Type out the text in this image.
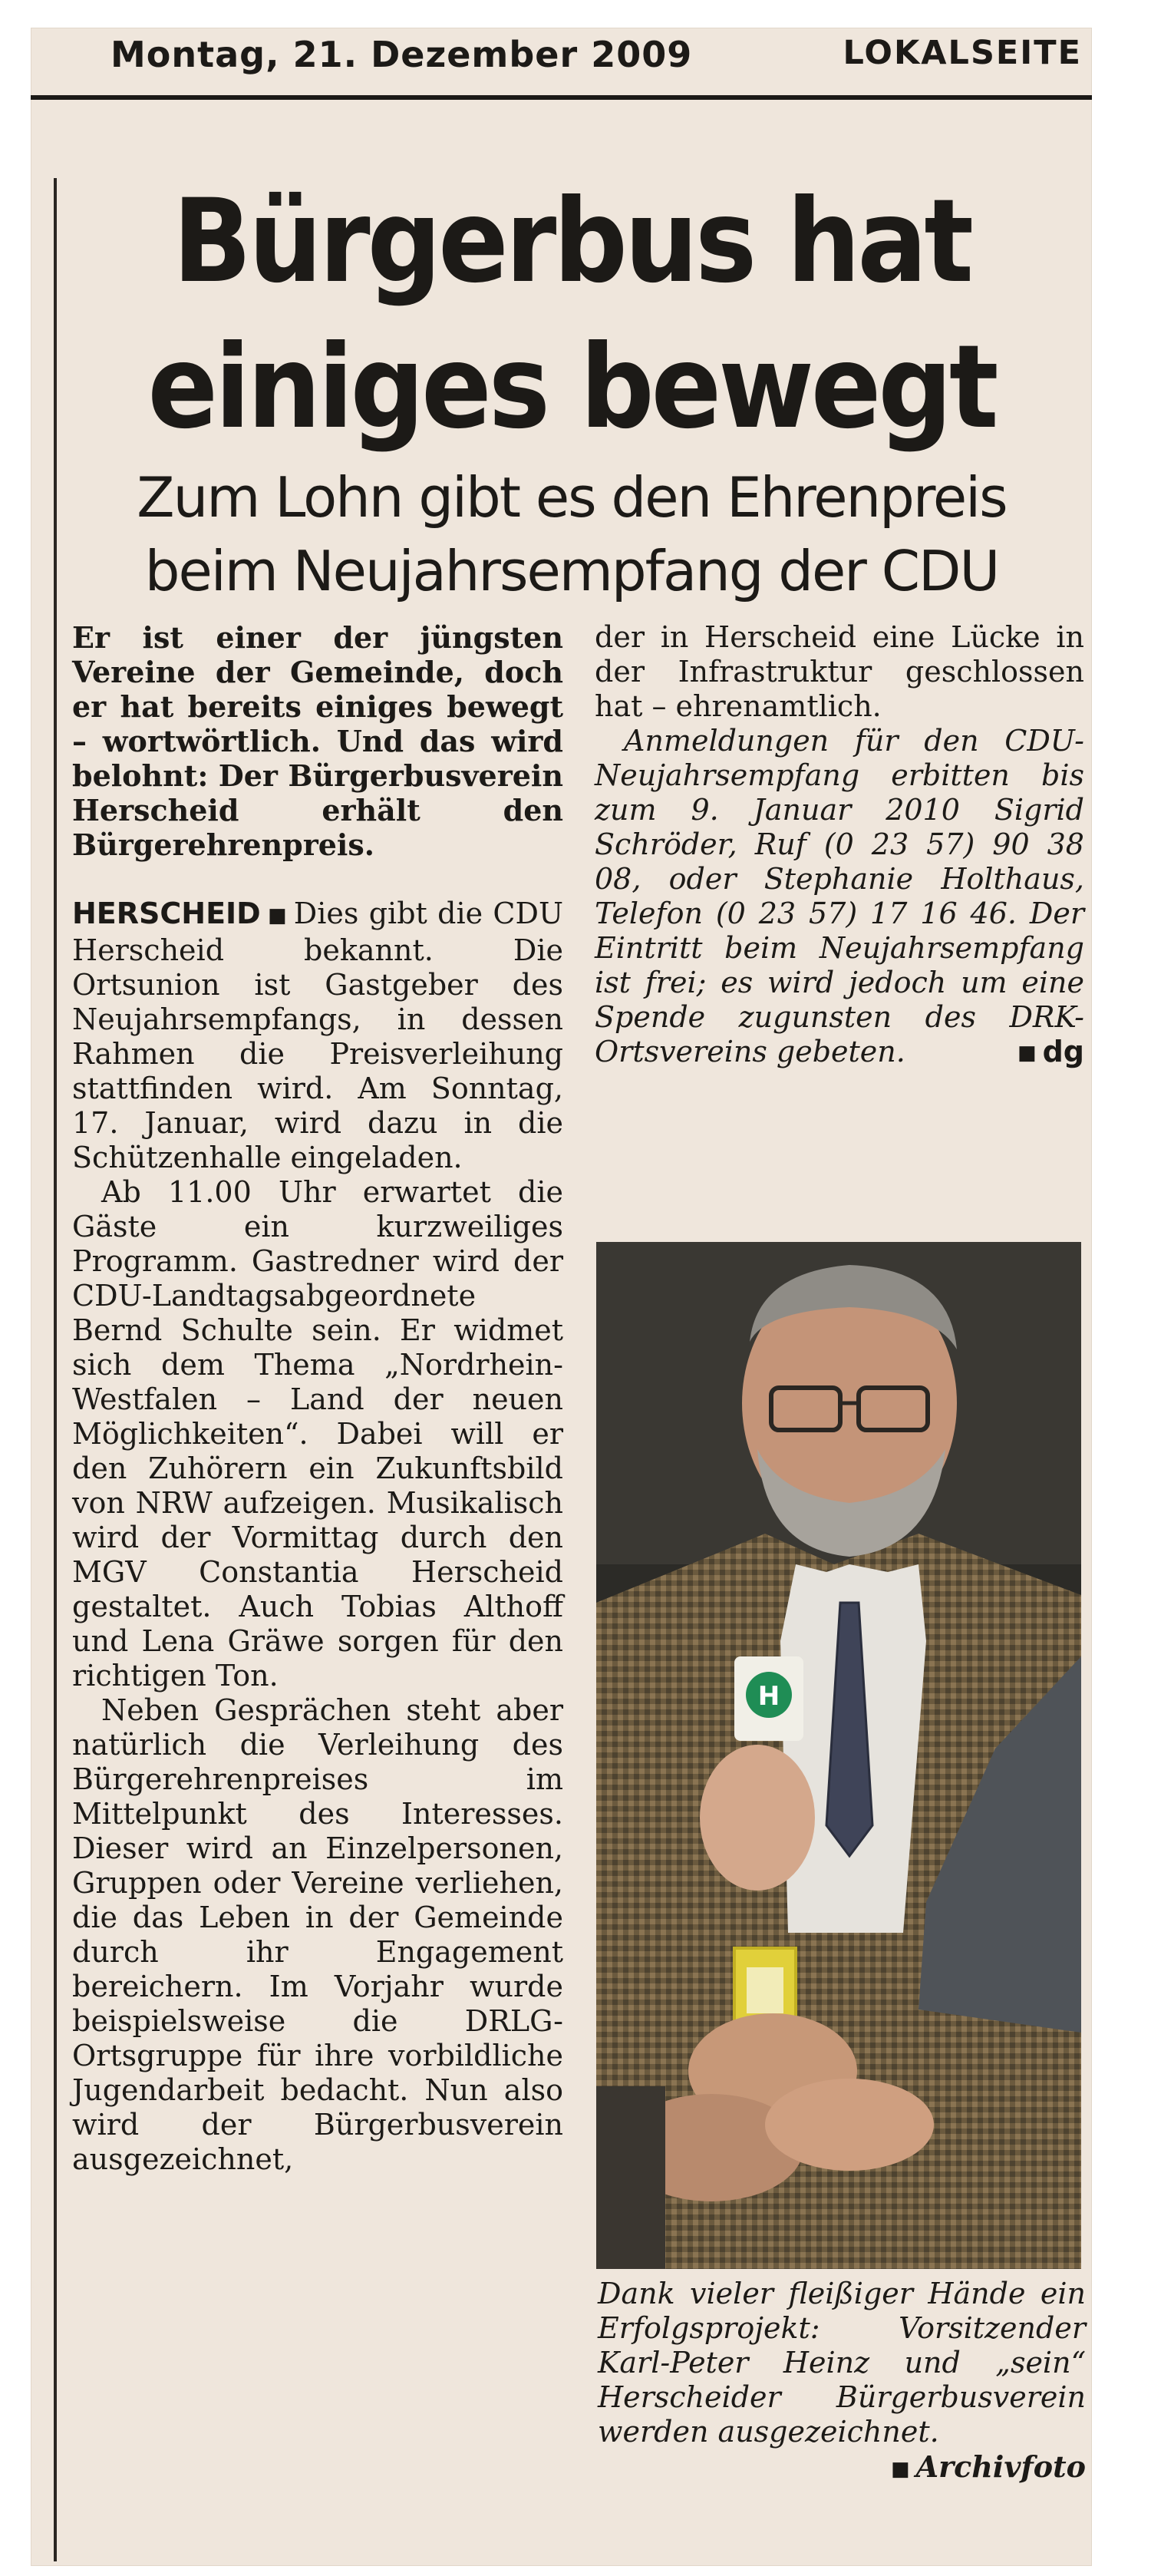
Montag, 21. Dezember 2009	LOKALSEITE
Bürgerbus hat
einiges bewegt
Zum Lohn gibt es den Ehrenpreis
beim Neujahrsempfang der CDU

Er ist einer der jüngsten Vereine der Gemeinde, doch er hat bereits einiges bewegt – wortwörtlich. Und das wird belohnt: Der Bürgerbusverein Herscheid erhält den Bürgerehrenpreis.

HERSCHEID ■ Dies gibt die CDU Herscheid bekannt. Die Ortsunion ist Gastgeber des Neujahrsempfangs, in dessen Rahmen die Preisverleihung stattfinden wird. Am Sonntag, 17. Januar, wird dazu in die Schützenhalle eingeladen.

Ab 11.00 Uhr erwartet die Gäste ein kurzweiliges Programm. Gastredner wird der CDU-Landtagsabgeordnete Bernd Schulte sein. Er widmet sich dem Thema „Nordrhein-Westfalen – Land der neuen Möglichkeiten“. Dabei will er den Zuhörern ein Zukunftsbild von NRW aufzeigen. Musikalisch wird der Vormittag durch den MGV Constantia Herscheid gestaltet. Auch Tobias Althoff und Lena Gräwe sorgen für den richtigen Ton.

Neben Gesprächen steht aber natürlich die Verleihung des Bürgerehrenpreises im Mittelpunkt des Interesses. Dieser wird an Einzelpersonen, Gruppen oder Vereine verliehen, die das Leben in der Gemeinde durch ihr Engagement bereichern. Im Vorjahr wurde beispielsweise die DRLG-Ortsgruppe für ihre vorbildliche Jugendarbeit bedacht. Nun also wird der Bürgerbusverein ausgezeichnet,

der in Herscheid eine Lücke in der Infrastruktur geschlossen hat – ehrenamtlich.

Anmeldungen für den CDU-Neujahrsempfang erbitten bis zum 9. Januar 2010 Sigrid Schröder, Ruf (0 23 57) 90 38 08, oder Stephanie Holthaus, Telefon (0 23 57) 17 16 46. Der Eintritt beim Neujahrsempfang ist frei; es wird jedoch um eine Spende zugunsten des DRK-Ortsvereins gebeten.	■ dg

H
Dank vieler fleißiger Hände ein Erfolgsprojekt: Vorsitzender Karl-Peter Heinz und „sein“ Herscheider Bürgerbusverein werden ausgezeichnet.
■ Archivfoto
